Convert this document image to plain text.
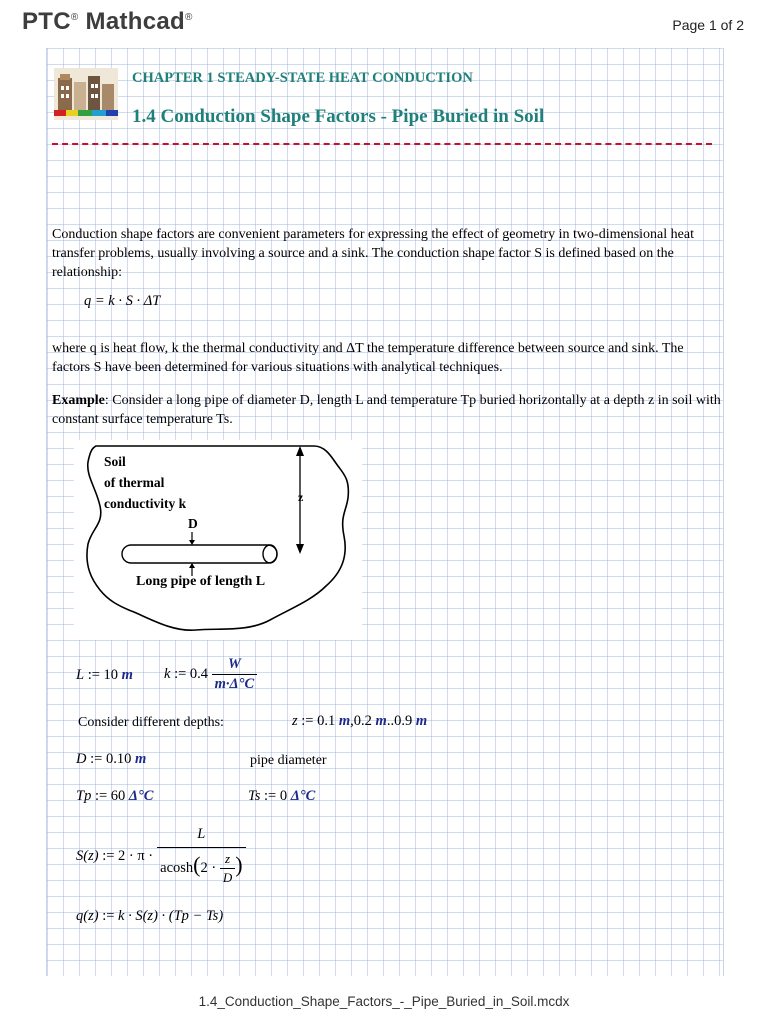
PTC® Mathcad®	Page 1 of 2
CHAPTER 1 STEADY-STATE HEAT CONDUCTION
1.4 Conduction Shape Factors - Pipe Buried in Soil
Conduction shape factors are convenient parameters for expressing the effect of geometry in two-dimensional heat transfer problems, usually involving a source and a sink. The conduction shape factor S is defined based on the relationship:
q = k · S · ΔT
where q is heat flow, k the thermal conductivity and ΔT the temperature difference between source and sink. The factors S have been determined for various situations with analytical techniques.
Example: Consider a long pipe of diameter D, length L and temperature Tp buried horizontally at a depth z in soil with constant surface temperature Ts.
Soil
of thermal
conductivity k
D
z
Long pipe of length L
L := 10 m k := $0.4 \frac{W}{m\cdot\Delta^\circ C}$
Consider different depths:	z := 0.1 m,0.2 m..0.9 m
D := 0.10 m	pipe diameter
Tp := 60 Δ°C	Ts := 0 Δ°C
S(z) := $2 \cdot \pi \cdot \frac{L}{acosh(2 \cdot \frac{z}{D} )}$
q(z) := k · S(z) · (Tp − Ts)
1.4_Conduction_Shape_Factors_-_Pipe_Buried_in_Soil.mcdx
